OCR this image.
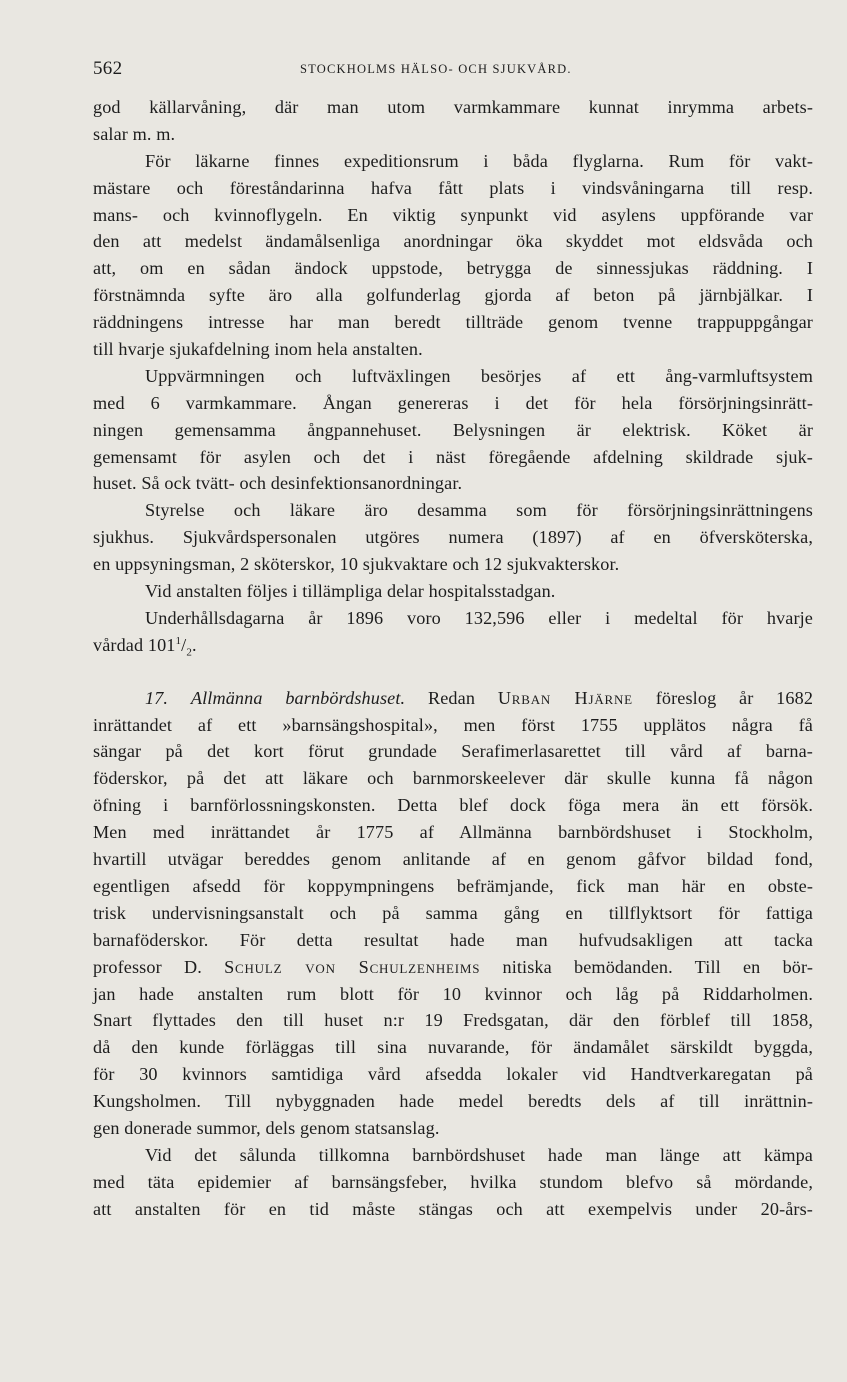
562	STOCKHOLMS HÄLSO- OCH SJUKVÅRD.
god källarvåning, där man utom varmkammare kunnat inrymma arbets-
salar m. m.
För läkarne finnes expeditionsrum i båda flyglarna. Rum för vakt-
mästare och föreståndarinna hafva fått plats i vindsvåningarna till resp.
mans- och kvinnoflygeln. En viktig synpunkt vid asylens uppförande var
den att medelst ändamålsenliga anordningar öka skyddet mot eldsvåda och
att, om en sådan ändock uppstode, betrygga de sinnessjukas räddning. I
förstnämnda syfte äro alla golfunderlag gjorda af beton på järnbjälkar. I
räddningens intresse har man beredt tillträde genom tvenne trappuppgångar
till hvarje sjukafdelning inom hela anstalten.
Uppvärmningen och luftväxlingen besörjes af ett ång-varmluftsystem
med 6 varmkammare. Ångan genereras i det för hela försörjningsinrätt-
ningen gemensamma ångpannehuset. Belysningen är elektrisk. Köket är
gemensamt för asylen och det i näst föregående afdelning skildrade sjuk-
huset. Så ock tvätt- och desinfektionsanordningar.
Styrelse och läkare äro desamma som för försörjningsinrättningens
sjukhus. Sjukvårdspersonalen utgöres numera (1897) af en öfversköterska,
en uppsyningsman, 2 sköterskor, 10 sjukvaktare och 12 sjukvakterskor.
Vid anstalten följes i tillämpliga delar hospitalsstadgan.
Underhållsdagarna år 1896 voro 132,596 eller i medeltal för hvarje
vårdad $101^1/_2$.
17. Allmänna barnbördshuset. Redan Urban Hjärne föreslog år 1682
inrättandet af ett »barnsängshospital», men först 1755 upplätos några få
sängar på det kort förut grundade Serafimerlasarettet till vård af barna-
föderskor, på det att läkare och barnmorskeelever där skulle kunna få någon
öfning i barnförlossningskonsten. Detta blef dock föga mera än ett försök.
Men med inrättandet år 1775 af Allmänna barnbördshuset i Stockholm,
hvartill utvägar bereddes genom anlitande af en genom gåfvor bildad fond,
egentligen afsedd för koppympningens befrämjande, fick man här en obste-
trisk undervisningsanstalt och på samma gång en tillflyktsort för fattiga
barnaföderskor. För detta resultat hade man hufvudsakligen att tacka
professor D. Schulz von Schulzenheims nitiska bemödanden. Till en bör-
jan hade anstalten rum blott för 10 kvinnor och låg på Riddarholmen.
Snart flyttades den till huset n:r 19 Fredsgatan, där den förblef till 1858,
då den kunde förläggas till sina nuvarande, för ändamålet särskildt byggda,
för 30 kvinnors samtidiga vård afsedda lokaler vid Handtverkaregatan på
Kungsholmen. Till nybyggnaden hade medel beredts dels af till inrättnin-
gen donerade summor, dels genom statsanslag.
Vid det sålunda tillkomna barnbördshuset hade man länge att kämpa
med täta epidemier af barnsängsfeber, hvilka stundom blefvo så mördande,
att anstalten för en tid måste stängas och att exempelvis under 20-års-
